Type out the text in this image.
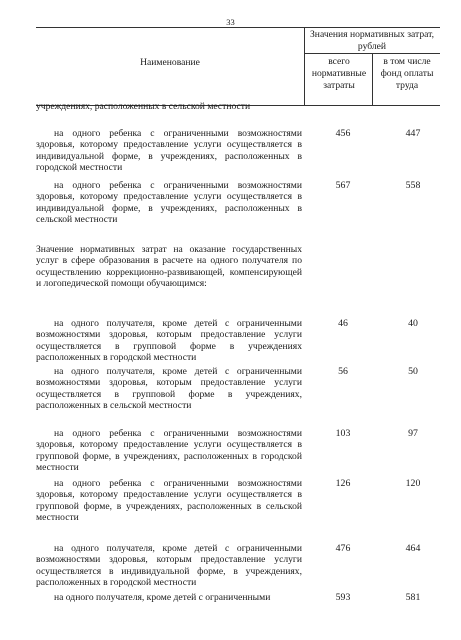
33
Наименование
Значения нормативных затрат, рублей
всего нормативные затраты
в том числе фонд оплаты труда
учреждениях, расположенных в сельской местности
на одного ребенка с ограниченными возможностями здоровья, которому предоставление услуги осуществляется в индивидуальной форме, в учреждениях, расположенных в городской местности
456	447
на одного ребенка с ограниченными возможностями здоровья, которому предоставление услуги осуществляется в индивидуальной форме, в учреждениях, расположенных в сельской местности
567	558
Значение нормативных затрат на оказание государственных услуг в сфере образования в расчете на одного получателя по осуществлению коррекционно-развивающей, компенсирующей и логопедической помощи обучающимся:
на одного получателя, кроме детей с ограниченными возможностями здоровья, которым предоставление услуги осуществляется в групповой форме в учреждениях расположенных в городской местности
46	40
на одного получателя, кроме детей с ограниченными возможностями здоровья, которым предоставление услуги осуществляется в групповой форме в учреждениях, расположенных в сельской местности
56	50
на одного ребенка с ограниченными возможностями здоровья, которому предоставление услуги осуществляется в групповой форме, в учреждениях, расположенных в городской местности
103	97
на одного ребенка с ограниченными возможностями здоровья, которому предоставление услуги осуществляется в групповой форме, в учреждениях, расположенных в сельской местности
126	120
на одного получателя, кроме детей с ограниченными возможностями здоровья, которым предоставление услуги осуществляется в индивидуальной форме, в учреждениях, расположенных в городской местности
476	464
на одного получателя, кроме детей с ограниченными	593	581
